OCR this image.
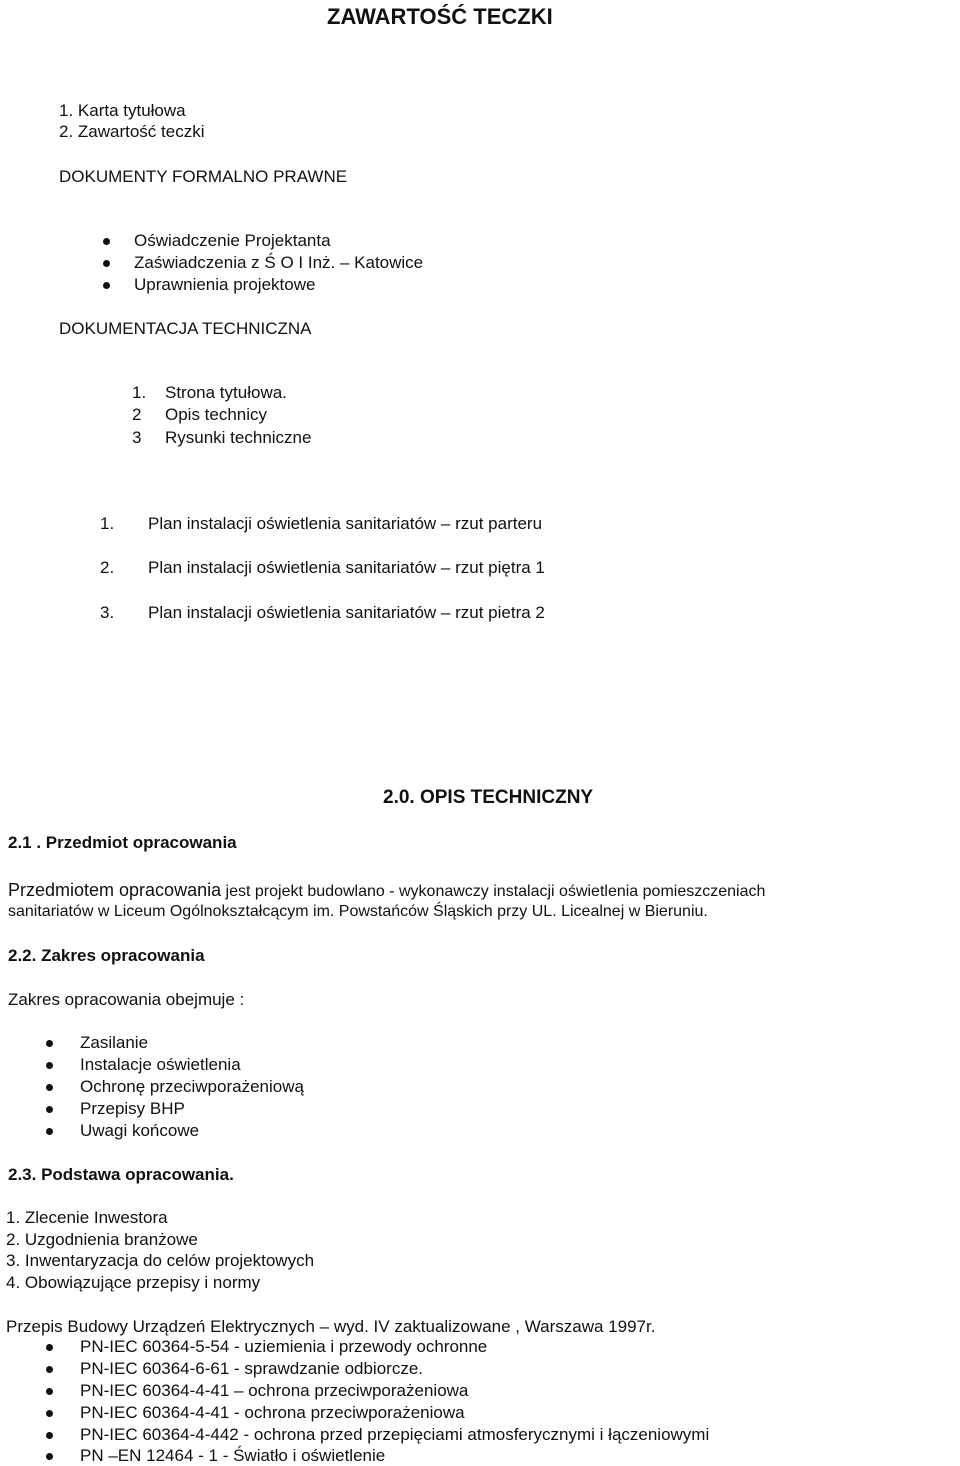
ZAWARTOŚĆ TECZKI
1. Karta tytułowa
2. Zawartość teczki
DOKUMENTY FORMALNO PRAWNE
Oświadczenie Projektanta
Zaświadczenia z Ś O I Inż. – Katowice
Uprawnienia projektowe
DOKUMENTACJA TECHNICZNA
1. Strona tytułowa.
2 Opis technicy
3 Rysunki techniczne
1. Plan instalacji oświetlenia sanitariatów – rzut parteru
2. Plan instalacji oświetlenia sanitariatów – rzut piętra 1
3. Plan instalacji oświetlenia sanitariatów – rzut pietra 2
2.0. OPIS TECHNICZNY
2.1 . Przedmiot opracowania
Przedmiotem opracowania jest projekt budowlano - wykonawczy instalacji oświetlenia pomieszczeniach
sanitariatów w Liceum Ogólnokształcącym im. Powstańców Śląskich przy UL. Licealnej w Bieruniu.
2.2. Zakres opracowania
Zakres opracowania obejmuje :
Zasilanie
Instalacje oświetlenia
Ochronę przeciwporażeniową
Przepisy BHP
Uwagi końcowe
2.3. Podstawa opracowania.
1. Zlecenie Inwestora
2. Uzgodnienia branżowe
3. Inwentaryzacja do celów projektowych
4. Obowiązujące przepisy i normy
Przepis Budowy Urządzeń Elektrycznych – wyd. IV zaktualizowane , Warszawa 1997r.
PN-IEC 60364-5-54 - uziemienia i przewody ochronne
PN-IEC 60364-6-61 - sprawdzanie odbiorcze.
PN-IEC 60364-4-41 – ochrona przeciwporażeniowa
PN-IEC 60364-4-41 - ochrona przeciwporażeniowa
PN-IEC 60364-4-442 - ochrona przed przepięciami atmosferycznymi i łączeniowymi
PN –EN 12464 - 1 - Światło i oświetlenie
